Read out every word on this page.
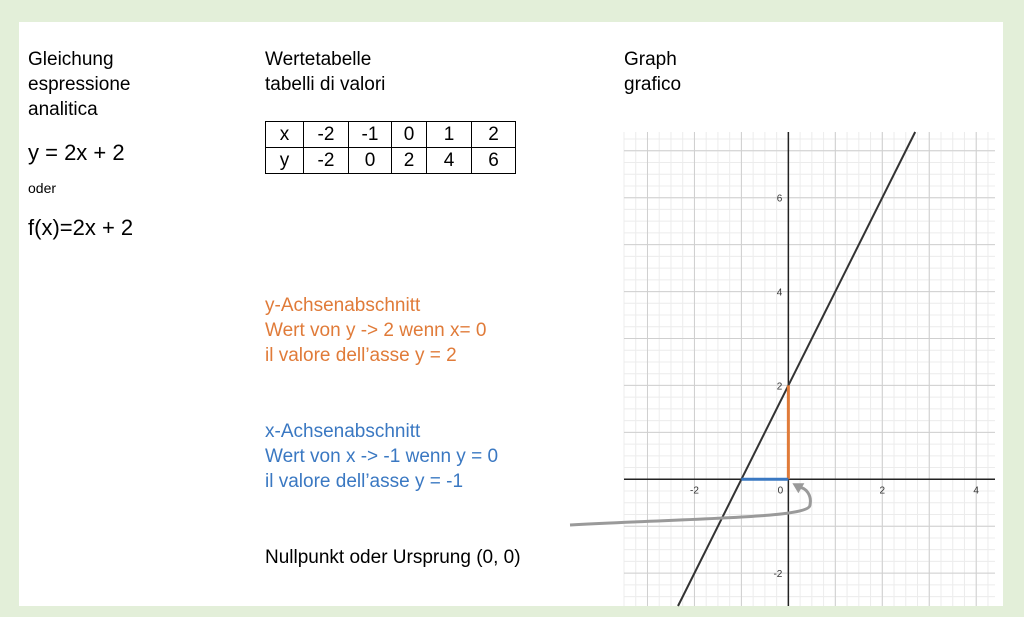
Gleichung
espressione
analitica
y = 2x + 2
oder
f(x)=2x + 2
Wertetabelle
tabelli di valori
x	-2	-1	0	1	2
y	-2	0	2	4	6
y-Achsenabschnitt
Wert von y -> 2 wenn x= 0
il valore dell’asse y = 2
x-Achsenabschnitt
Wert von x -> -1 wenn y = 0
il valore dell’asse y = -1
Nullpunkt oder Ursprung (0, 0)
Graph
grafico
-2	0	2	4
-2
2
4
6
